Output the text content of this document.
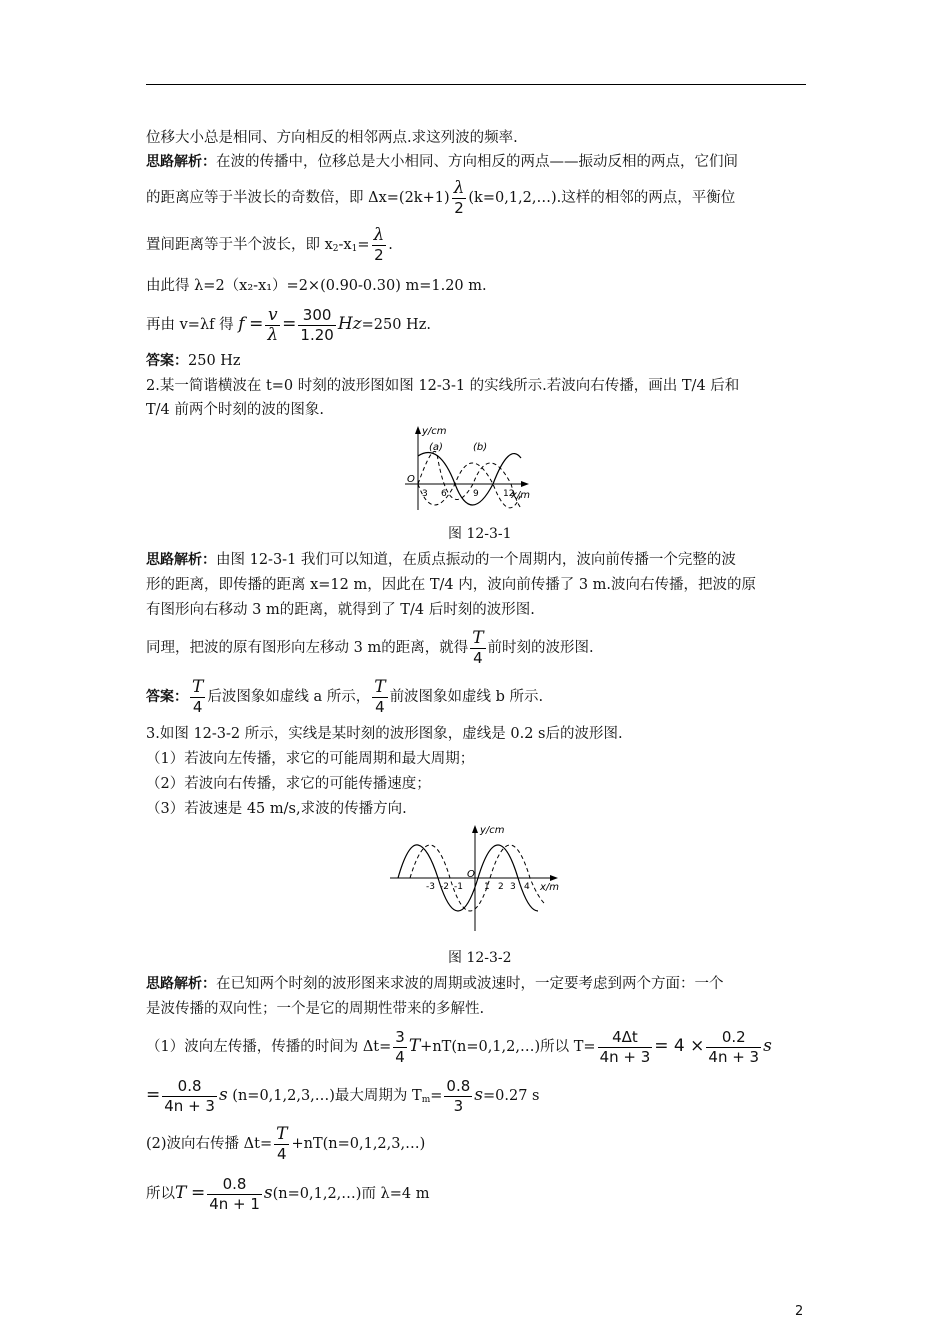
位移大小总是相同、方向相反的相邻两点.求这列波的频率.
思路解析：在波的传播中，位移总是大小相同、方向相反的两点——振动反相的两点，它们间
的距离应等于半波长的奇数倍，即 $\Delta x=(2k+1) \frac{\lambda}{2}$ (k=0,1,2,…).这样的相邻的两点，平衡位
置间距离等于半个波长，即 $x_2-x_1= \frac{\lambda}{2}$ .
由此得 λ=2（x₂-x₁）=2×(0.90-0.30) m=1.20 m.
再由 v=λf 得 $f = \frac{v}{\lambda} = \frac{300}{1.20} Hz=250$ Hz.
答案：250 Hz
2.某一简谐横波在 t=0 时刻的波形图如图 12-3-1 的实线所示.若波向右传播，画出 T/4 后和
T/4 前两个时刻的波的图象.
y/cm
(a)	(b)
O
3 6	9	12
x/m
图 12-3-1
思路解析：由图 12-3-1 我们可以知道，在质点振动的一个周期内，波向前传播一个完整的波
形的距离，即传播的距离 x=12 m，因此在 T/4 内，波向前传播了 3 m.波向右传播，把波的原
有图形向右移动 3 m的距离，就得到了 T/4 后时刻的波形图.
同理，把波的原有图形向左移动 3 m的距离，就得 $\frac{T}{4}$ 前时刻的波形图.
答案： $\frac{T}{4}$ 后波图象如虚线 a 所示， $\frac{T}{4}$ 前波图象如虚线 b 所示.
3.如图 12-3-2 所示，实线是某时刻的波形图象，虚线是 0.2 s后的波形图.
（1）若波向左传播，求它的可能周期和最大周期；
（2）若波向右传播，求它的可能传播速度；
（3）若波速是 45 m/s,求波的传播方向.
y/cm
O
-3 -2 -1 1 2 3 4 x/m
图 12-3-2
思路解析：在已知两个时刻的波形图来求波的周期或波速时，一定要考虑到两个方面：一个
是波传播的双向性；一个是它的周期性带来的多解性.
（1）波向左传播，传播的时间为 $\Delta t= \frac{3}{4}$ T+nT(n=0,1,2,…)所以 $T= \frac{4\Delta t}{4n + 3} = 4 \times \frac{0.2}{4n + 3}$ s
= $\frac{0.8}{4n + 3}$ s (n=0,1,2,3,…)最大周期为 $T_m= \frac{0.8}{3} s=0.27$ s
(2)波向右传播 $\Delta t= \frac{T}{4}$ +nT(n=0,1,2,3,…)
所以$T = \frac{0.8}{4n + 1}$ s(n=0,1,2,…)而 λ=4 m
2
